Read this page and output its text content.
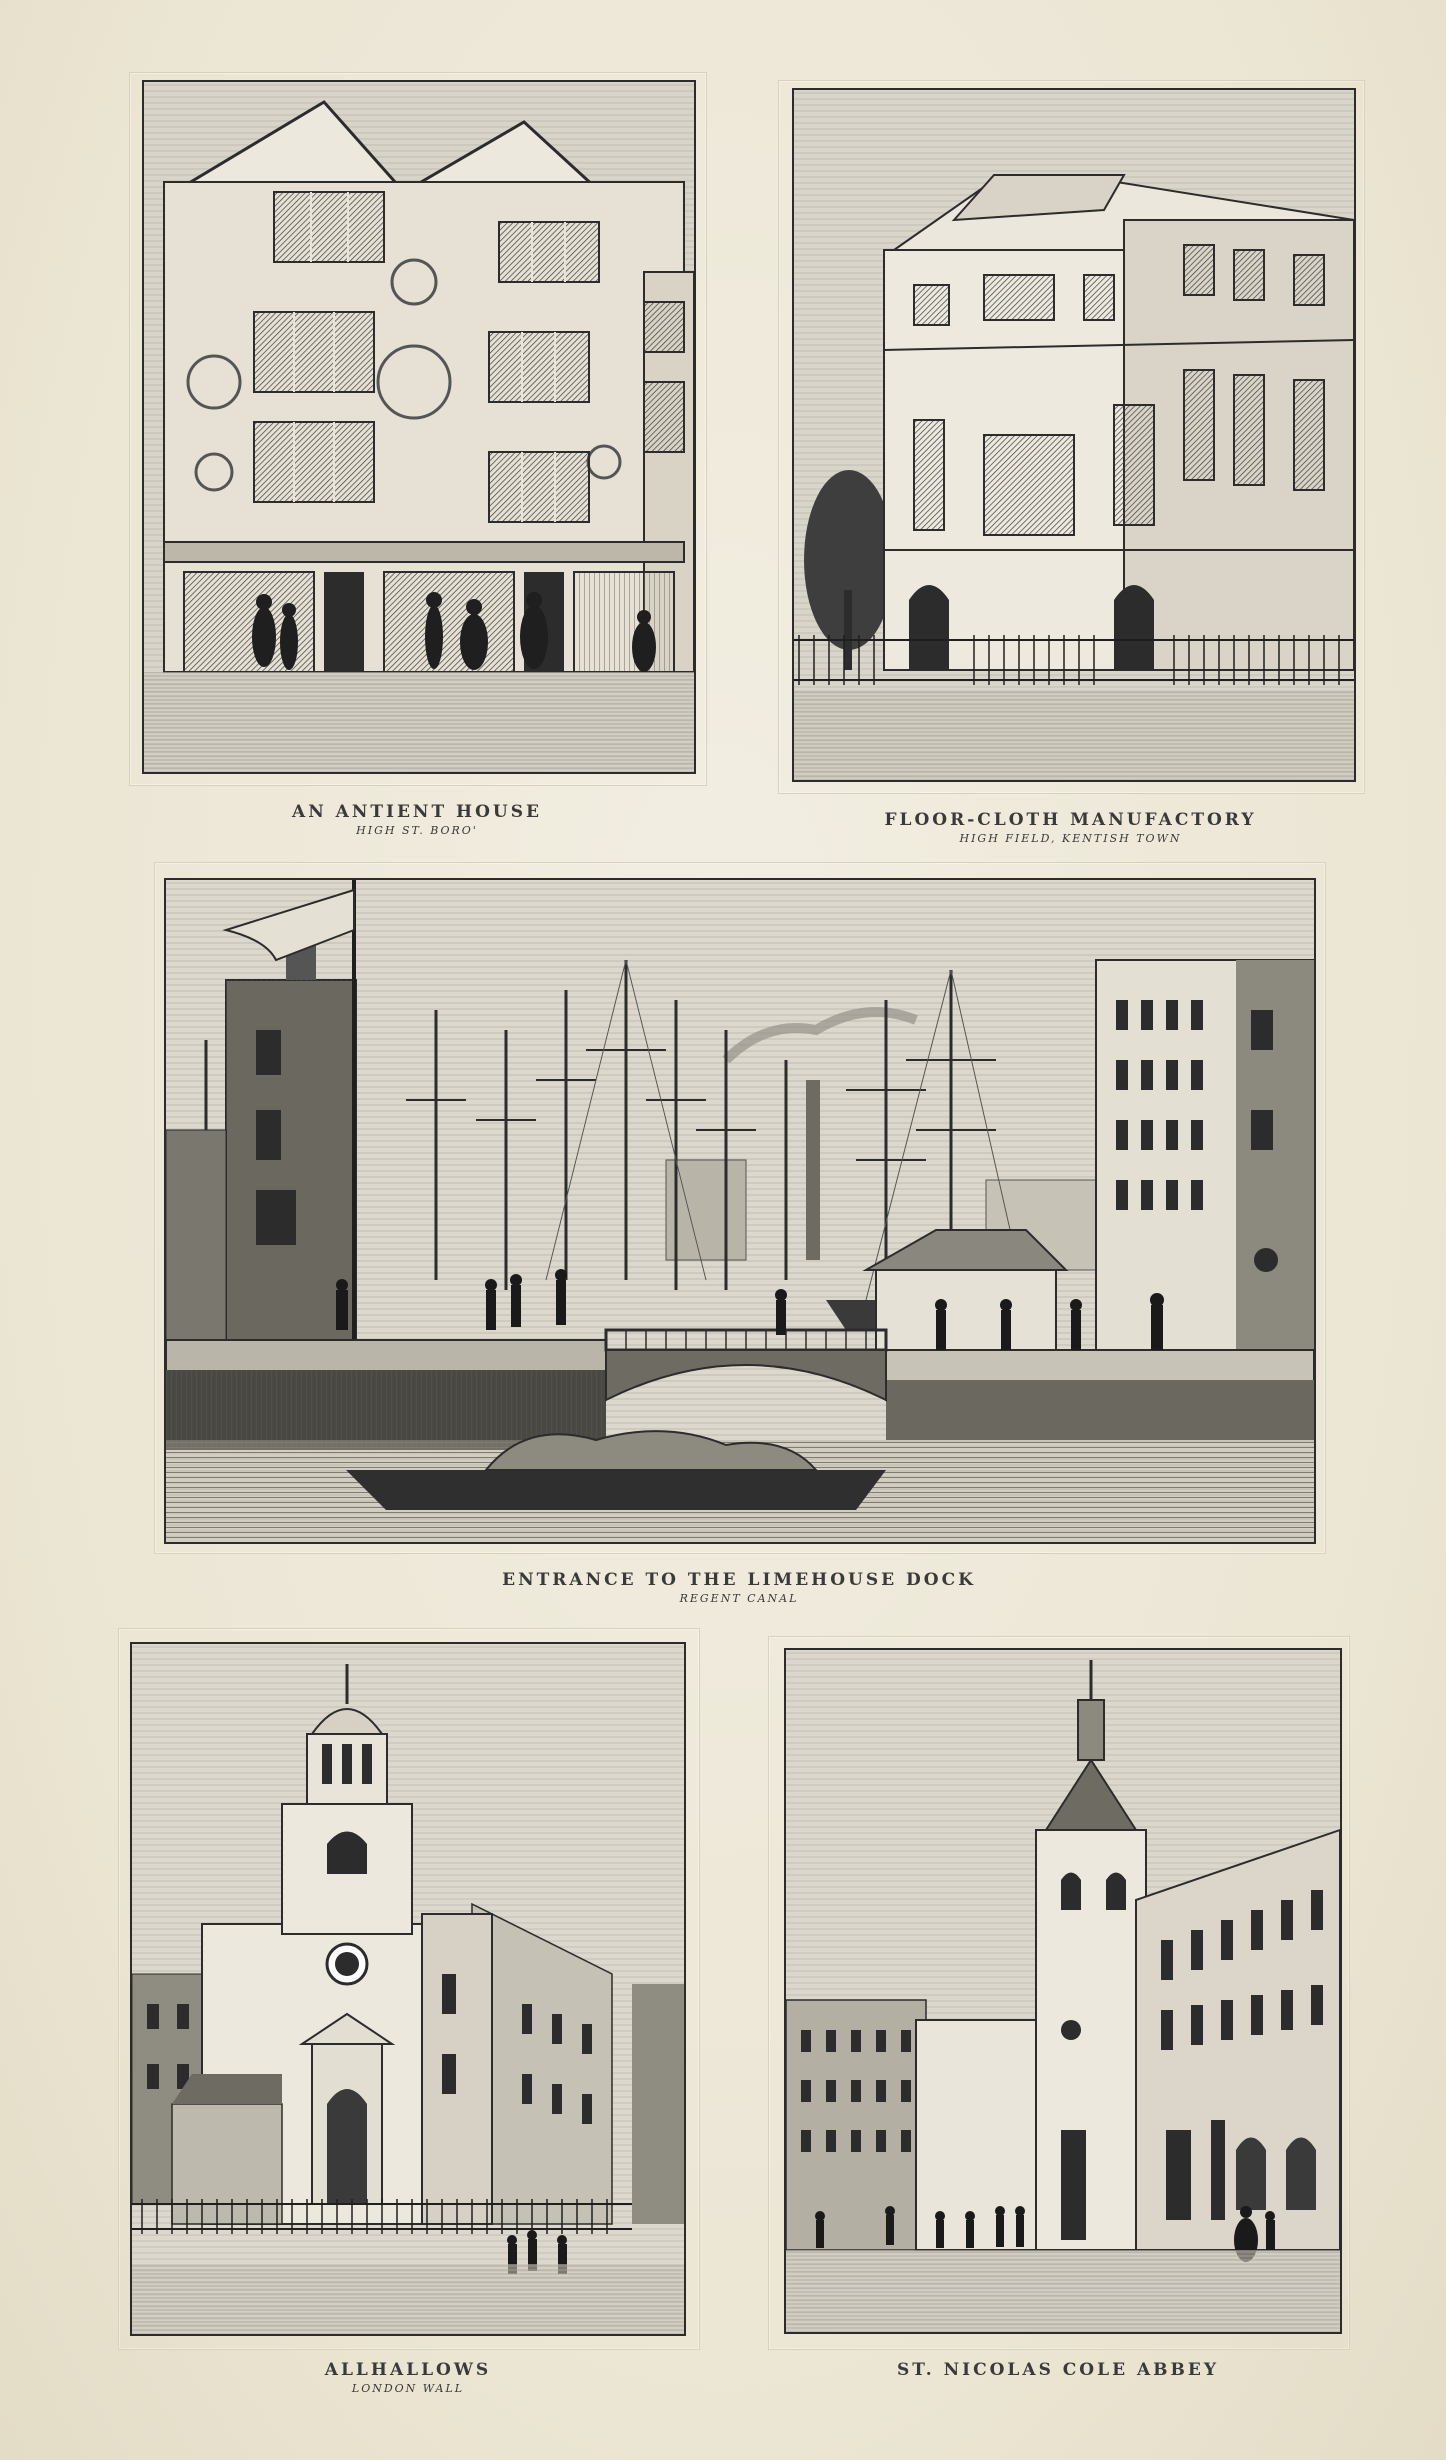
AN ANTIENT HOUSE
HIGH ST. BORO'
FLOOR-CLOTH MANUFACTORY
HIGH FIELD, KENTISH TOWN
ENTRANCE TO THE LIMEHOUSE DOCK
REGENT CANAL
ALLHALLOWS
LONDON WALL
ST. NICOLAS COLE ABBEY
